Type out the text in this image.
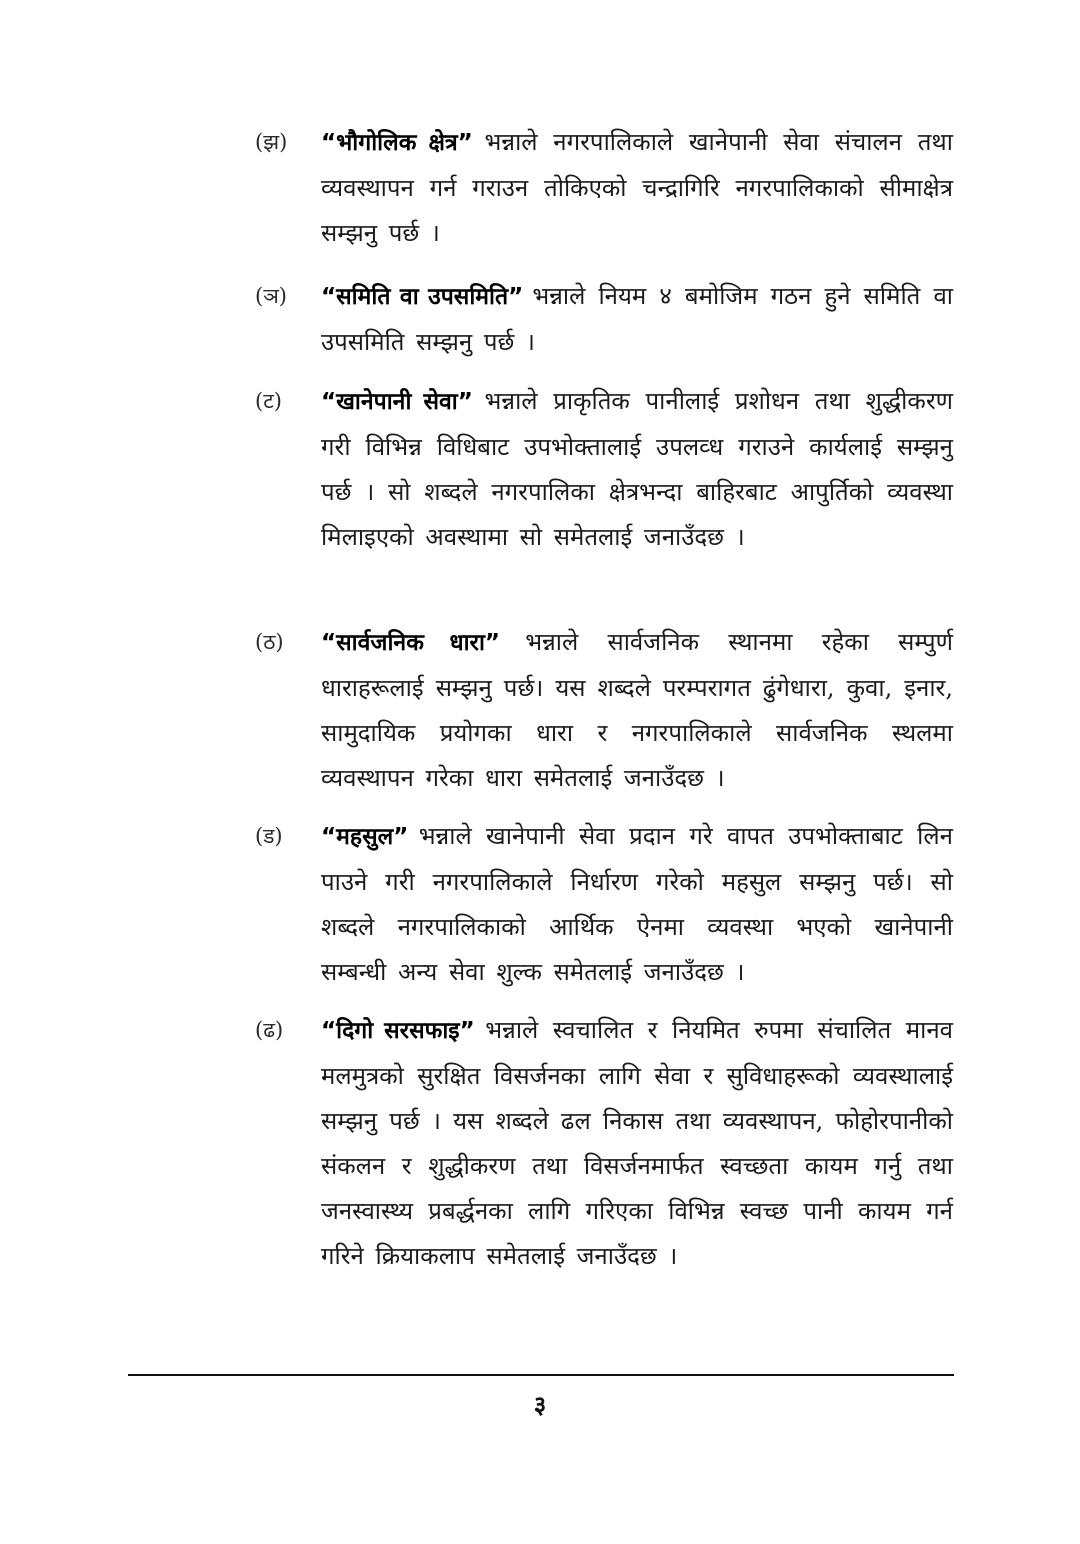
(झ) “भौगोलिक क्षेत्र” भन्नाले नगरपालिकाले खानेपानी सेवा संचालन तथा व्यवस्थापन गर्न गराउन तोकिएको चन्द्रागिरि नगरपालिकाको सीमाक्षेत्र सम्झनु पर्छ ।
(ञ) “समिति वा उपसमिति” भन्नाले नियम ४ बमोजिम गठन हुने समिति वा उपसमिति सम्झनु पर्छ ।
(ट) “खानेपानी सेवा” भन्नाले प्राकृतिक पानीलाई प्रशोधन तथा शुद्धीकरण गरी विभिन्न विधिबाट उपभोक्तालाई उपलव्ध गराउने कार्यलाई सम्झनु पर्छ । सो शब्दले नगरपालिका क्षेत्रभन्दा बाहिरबाट आपुर्तिको व्यवस्था मिलाइएको अवस्थामा सो समेतलाई जनाउँदछ ।
(ठ) “सार्वजनिक धारा” भन्नाले सार्वजनिक स्थानमा रहेका सम्पुर्ण धाराहरूलाई सम्झनु पर्छ। यस शब्दले परम्परागत ढुंगेधारा, कुवा, इनार, सामुदायिक प्रयोगका धारा र नगरपालिकाले सार्वजनिक स्थलमा व्यवस्थापन गरेका धारा समेतलाई जनाउँदछ ।
(ड) “महसुल” भन्नाले खानेपानी सेवा प्रदान गरे वापत उपभोक्ताबाट लिन पाउने गरी नगरपालिकाले निर्धारण गरेको महसुल सम्झनु पर्छ। सो शब्दले नगरपालिकाको आर्थिक ऐनमा व्यवस्था भएको खानेपानी सम्बन्धी अन्य सेवा शुल्क समेतलाई जनाउँदछ ।
(ढ) “दिगो सरसफाइ” भन्नाले स्वचालित र नियमित रुपमा संचालित मानव मलमुत्रको सुरक्षित विसर्जनका लागि सेवा र सुविधाहरूको व्यवस्थालाई सम्झनु पर्छ । यस शब्दले ढल निकास तथा व्यवस्थापन, फोहोरपानीको संकलन र शुद्धीकरण तथा विसर्जनमार्फत स्वच्छता कायम गर्नु तथा जनस्वास्थ्य प्रबर्द्धनका लागि गरिएका विभिन्न स्वच्छ पानी कायम गर्न गरिने क्रियाकलाप समेतलाई जनाउँदछ ।
३
